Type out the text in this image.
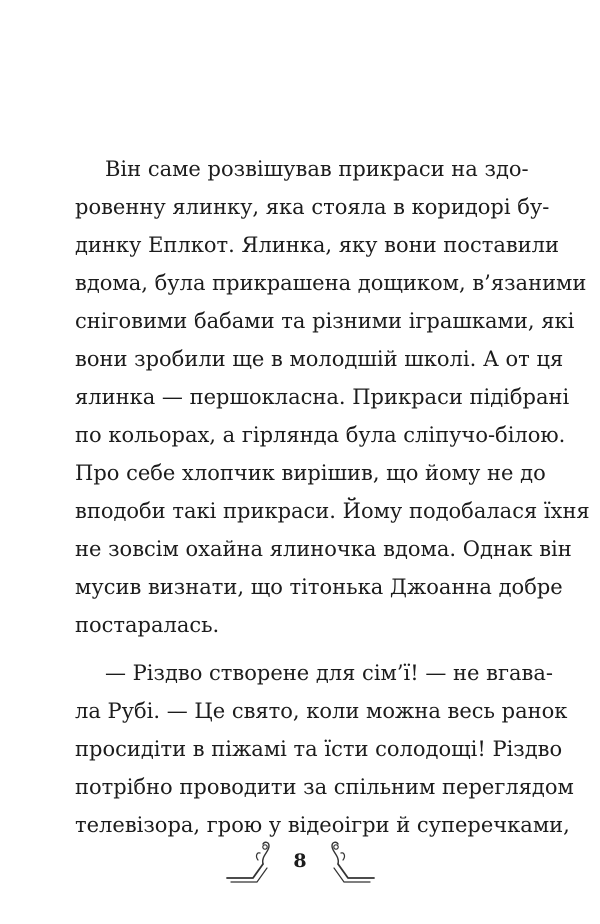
Він саме розвішував прикраси на здо-
ровенну ялинку, яка стояла в коридорі бу-
динку Еплкот. Ялинка, яку вони поставили
вдома, була прикрашена дощиком, в’язаними
сніговими бабами та різними іграшками, які
вони зробили ще в молодшій школі. А от ця
ялинка — першокласна. Прикраси підібрані
по кольорах, а гірлянда була сліпучо-білою.
Про себе хлопчик вирішив, що йому не до
вподоби такі прикраси. Йому подобалася їхня
не зовсім охайна ялиночка вдома. Однак він
мусив визнати, що тітонька Джоанна добре
постаралась.
— Різдво створене для сім’ї! — не вгава-
ла Рубі. — Це свято, коли можна весь ранок
просидіти в піжамі та їсти солодощі! Різдво
потрібно проводити за спільним переглядом
телевізора, грою у відеоігри й суперечками,
8
